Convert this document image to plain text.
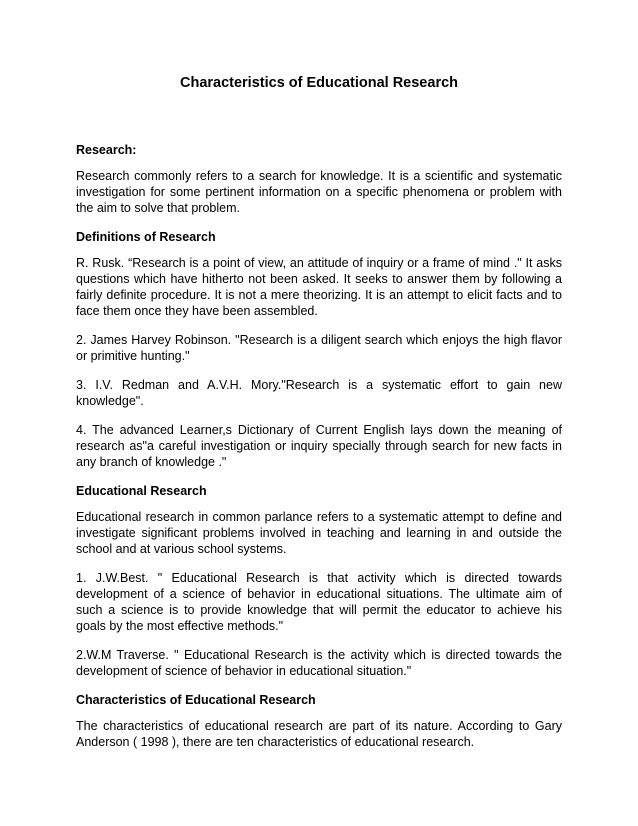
Characteristics of Educational Research
Research:

Research commonly refers to a search for knowledge. It is a scientific and systematic investigation for some pertinent information on a specific phenomena or problem with the aim to solve that problem.

Definitions of Research

R. Rusk. “Research is a point of view, an attitude of inquiry or a frame of mind ." It asks questions which have hitherto not been asked. It seeks to answer them by following a fairly definite procedure. It is not a mere theorizing. It is an attempt to elicit facts and to face them once they have been assembled.

2. James Harvey Robinson. "Research is a diligent search which enjoys the high flavor or primitive hunting."

3. I.V. Redman and A.V.H. Mory."Research is a systematic effort to gain new knowledge".

4. The advanced Learner,s Dictionary of Current English lays down the meaning of research as"a careful investigation or inquiry specially through search for new facts in any branch of knowledge ."

Educational Research

Educational research in common parlance refers to a systematic attempt to define and investigate significant problems involved in teaching and learning in and outside the school and at various school systems.

1. J.W.Best. " Educational Research is that activity which is directed towards development of a science of behavior in educational situations. The ultimate aim of such a science is to provide knowledge that will permit the educator to achieve his goals by the most effective methods."

2.W.M Traverse. " Educational Research is the activity which is directed towards the development of science of behavior in educational situation."

Characteristics of Educational Research

The characteristics of educational research are part of its nature. According to Gary Anderson ( 1998 ), there are ten characteristics of educational research.
